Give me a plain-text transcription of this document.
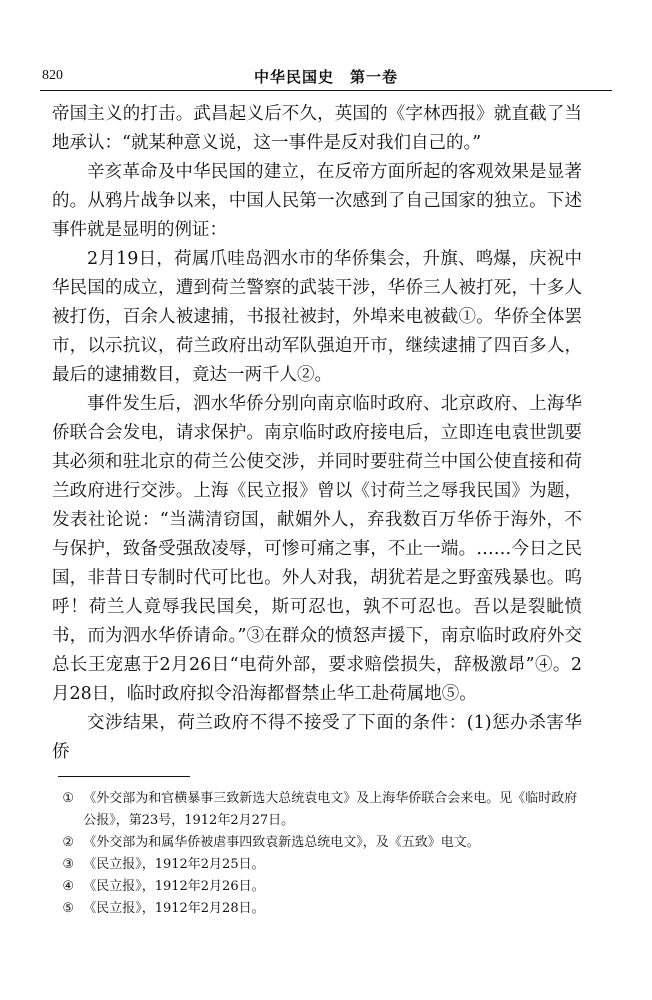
820	中华民国史　第一卷

帝国主义的打击。武昌起义后不久，英国的《字林西报》就直截了当地承认：“就某种意义说，这一事件是反对我们自己的。”

辛亥革命及中华民国的建立，在反帝方面所起的客观效果是显著的。从鸦片战争以来，中国人民第一次感到了自己国家的独立。下述事件就是显明的例证：

2月19日，荷属爪哇岛泗水市的华侨集会，升旗、鸣爆，庆祝中华民国的成立，遭到荷兰警察的武装干涉，华侨三人被打死，十多人被打伤，百余人被逮捕，书报社被封，外埠来电被截①。华侨全体罢市，以示抗议，荷兰政府出动军队强迫开市，继续逮捕了四百多人，最后的逮捕数目，竟达一两千人②。

事件发生后，泗水华侨分别向南京临时政府、北京政府、上海华侨联合会发电，请求保护。南京临时政府接电后，立即连电袁世凯要其必须和驻北京的荷兰公使交涉，并同时要驻荷兰中国公使直接和荷兰政府进行交涉。上海《民立报》曾以《讨荷兰之辱我民国》为题，发表社论说：“当满清窃国，献媚外人，弃我数百万华侨于海外，不与保护，致备受强敌凌辱，可惨可痛之事，不止一端。……今日之民国，非昔日专制时代可比也。外人对我，胡犹若是之野蛮残暴也。呜呼！荷兰人竟辱我民国矣，斯可忍也，孰不可忍也。吾以是裂眦愤书，而为泗水华侨请命。”③在群众的愤怒声援下，南京临时政府外交总长王宠惠于2月26日“电荷外部，要求赔偿损失，辞极激昂”④。2月28日，临时政府拟令沿海都督禁止华工赴荷属地⑤。

交涉结果，荷兰政府不得不接受了下面的条件：(1)惩办杀害华侨

① 《外交部为和官横暴事三致新选大总统袁电文》及上海华侨联合会来电。见《临时政府公报》，第23号，1912年2月27日。

② 《外交部为和属华侨被虐事四致袁新选总统电文》，及《五致》电文。

③ 《民立报》，1912年2月25日。

④ 《民立报》，1912年2月26日。

⑤ 《民立报》，1912年2月28日。
